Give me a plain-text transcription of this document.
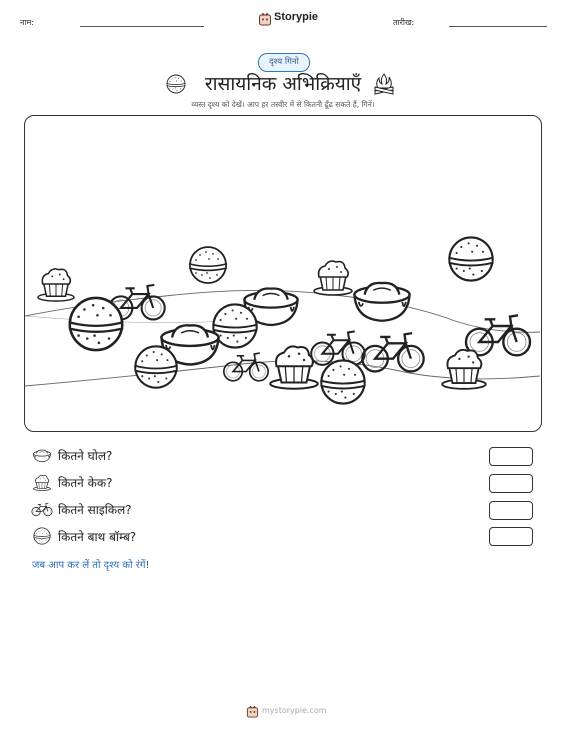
नाम:	Storypie	तारीख:
दृश्य गिनो
रासायनिक अभिक्रियाएँ
व्यस्त दृश्य को देखें। आप हर तस्वीर में से कितनी ढूँढ सकते हैं, गिनें।
कितने घोल?
कितने केक?
कितने साइकिल?
कितने बाथ बॉम्ब?
जब आप कर लें तो दृश्य को रंगें!
mystorypie.com
